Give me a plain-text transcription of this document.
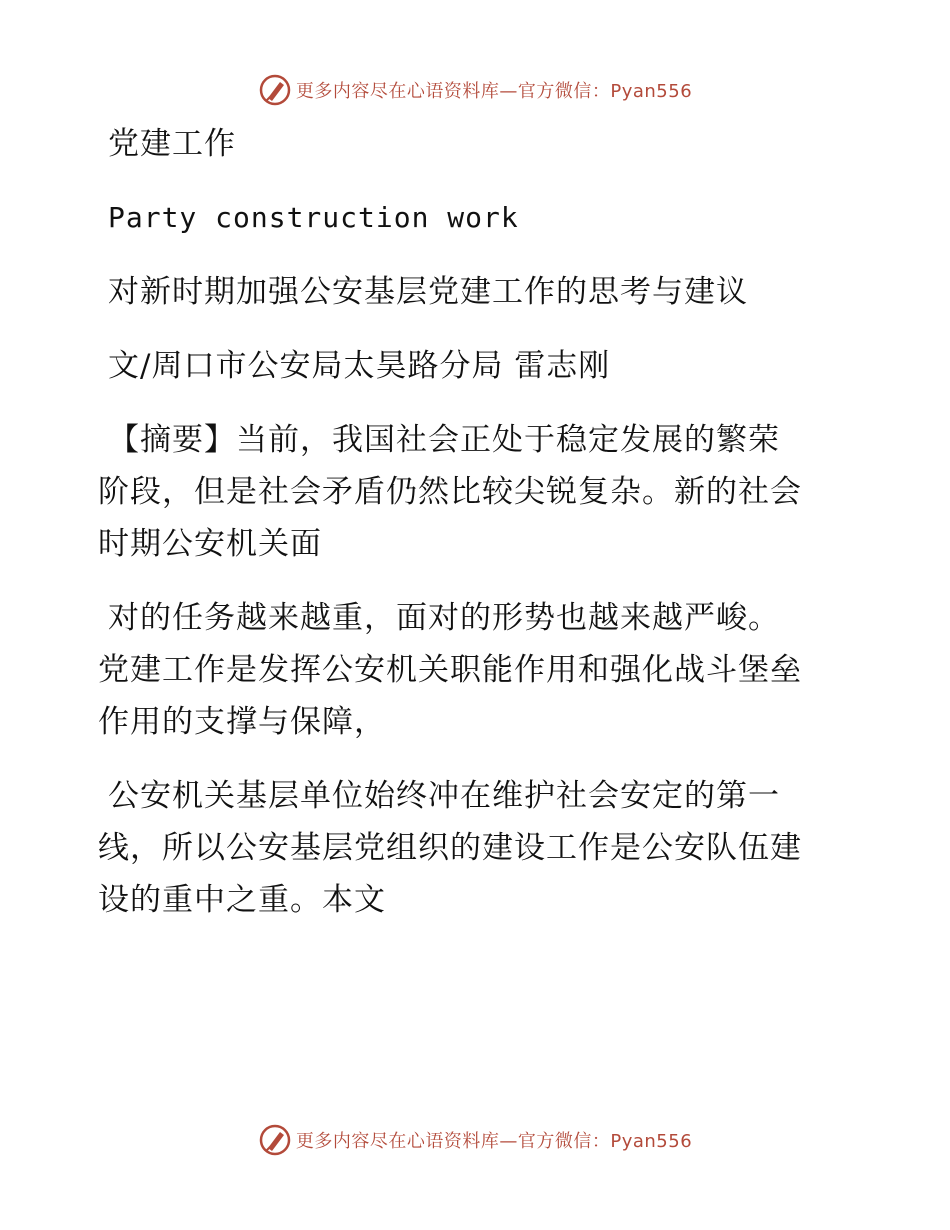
更多内容尽在心语资料库—官方微信：Pyan556
党建工作
Party construction work
对新时期加强公安基层党建工作的思考与建议
文/周口市公安局太昊路分局 雷志刚
【摘要】当前，我国社会正处于稳定发展的繁荣
阶段，但是社会矛盾仍然比较尖锐复杂。新的社会
时期公安机关面
对的任务越来越重，面对的形势也越来越严峻。
党建工作是发挥公安机关职能作用和强化战斗堡垒
作用的支撑与保障，
公安机关基层单位始终冲在维护社会安定的第一
线，所以公安基层党组织的建设工作是公安队伍建
设的重中之重。本文
更多内容尽在心语资料库—官方微信：Pyan556
